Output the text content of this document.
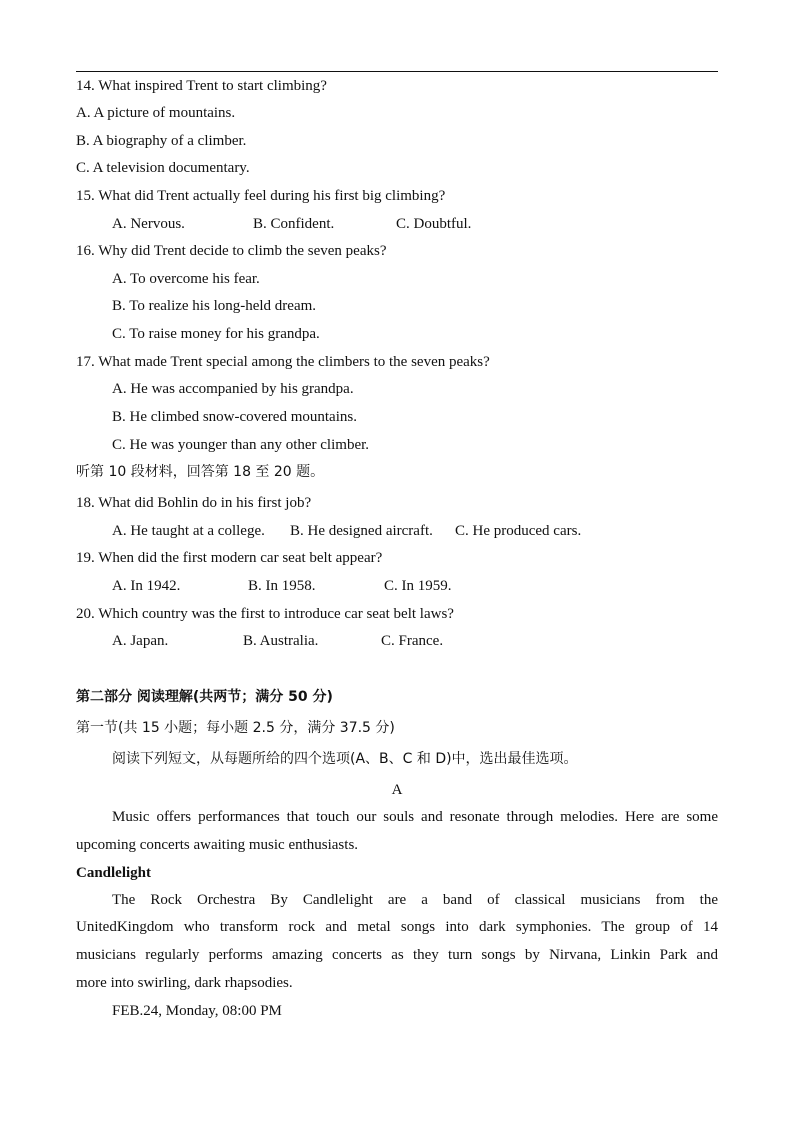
14. What inspired Trent to start climbing?
A. A picture of mountains.
B. A biography of a climber.
C. A television documentary.
15. What did Trent actually feel during his first big climbing?
A. Nervous.	B. Confident.	C. Doubtful.
16. Why did Trent decide to climb the seven peaks?
A. To overcome his fear.
B. To realize his long-held dream.
C. To raise money for his grandpa.
17. What made Trent special among the climbers to the seven peaks?
A. He was accompanied by his grandpa.
B. He climbed snow-covered mountains.
C. He was younger than any other climber.
听第 10 段材料，回答第 18 至 20 题。
18. What did Bohlin do in his first job?
A. He taught at a college. B. He designed aircraft. C. He produced cars.
19. When did the first modern car seat belt appear?
A. In 1942.	B. In 1958.	C. In 1959.
20. Which country was the first to introduce car seat belt laws?
A. Japan.	B. Australia.	C. France.
第二部分 阅读理解(共两节；满分 50 分)
第一节(共 15 小题；每小题 2.5 分，满分 37.5 分)
阅读下列短文，从每题所给的四个选项(A、B、C 和 D)中，选出最佳选项。
A

Music offers performances that touch our souls and resonate through melodies. Here are some

upcoming concerts awaiting music enthusiasts.

Candlelight

The Rock Orchestra By Candlelight are a band of classical musicians from the

UnitedKingdom who transform rock and metal songs into dark symphonies. The group of 14

musicians regularly performs amazing concerts as they turn songs by Nirvana, Linkin Park and

more into swirling, dark rhapsodies.

FEB.24, Monday, 08:00 PM
